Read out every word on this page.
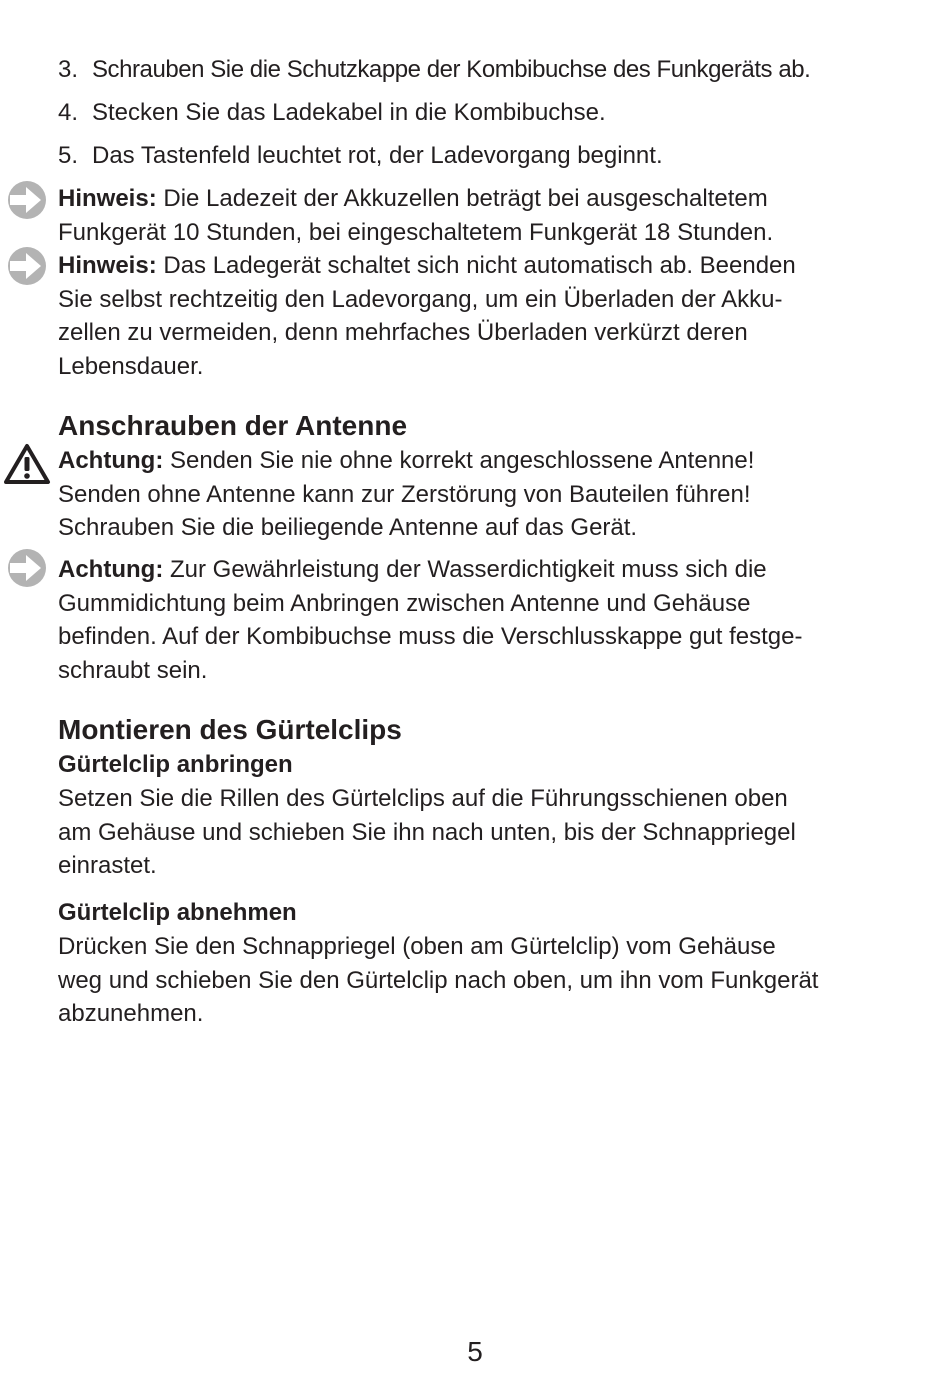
3. Schrauben Sie die Schutzkappe der Kombibuchse des Funkgeräts ab.
4. Stecken Sie das Ladekabel in die Kombibuchse.
5. Das Tastenfeld leuchtet rot, der Ladevorgang beginnt.
Hinweis: Die Ladezeit der Akkuzellen beträgt bei ausgeschaltetem
Funkgerät 10 Stunden, bei eingeschaltetem Funkgerät 18 Stunden.
Hinweis: Das Ladegerät schaltet sich nicht automatisch ab. Beenden
Sie selbst rechtzeitig den Ladevorgang, um ein Überladen der Akku-
zellen zu vermeiden, denn mehrfaches Überladen verkürzt deren
Lebensdauer.
Anschrauben der Antenne
Achtung: Senden Sie nie ohne korrekt angeschlossene Antenne!
Senden ohne Antenne kann zur Zerstörung von Bauteilen führen!
Schrauben Sie die beiliegende Antenne auf das Gerät.
Achtung: Zur Gewährleistung der Wasserdichtigkeit muss sich die
Gummidichtung beim Anbringen zwischen Antenne und Gehäuse
befinden. Auf der Kombibuchse muss die Verschlusskappe gut festge-
schraubt sein.
Montieren des Gürtelclips
Gürtelclip anbringen
Setzen Sie die Rillen des Gürtelclips auf die Führungsschienen oben
am Gehäuse und schieben Sie ihn nach unten, bis der Schnappriegel
einrastet.
Gürtelclip abnehmen
Drücken Sie den Schnappriegel (oben am Gürtelclip) vom Gehäuse
weg und schieben Sie den Gürtelclip nach oben, um ihn vom Funkgerät
abzunehmen.
5
